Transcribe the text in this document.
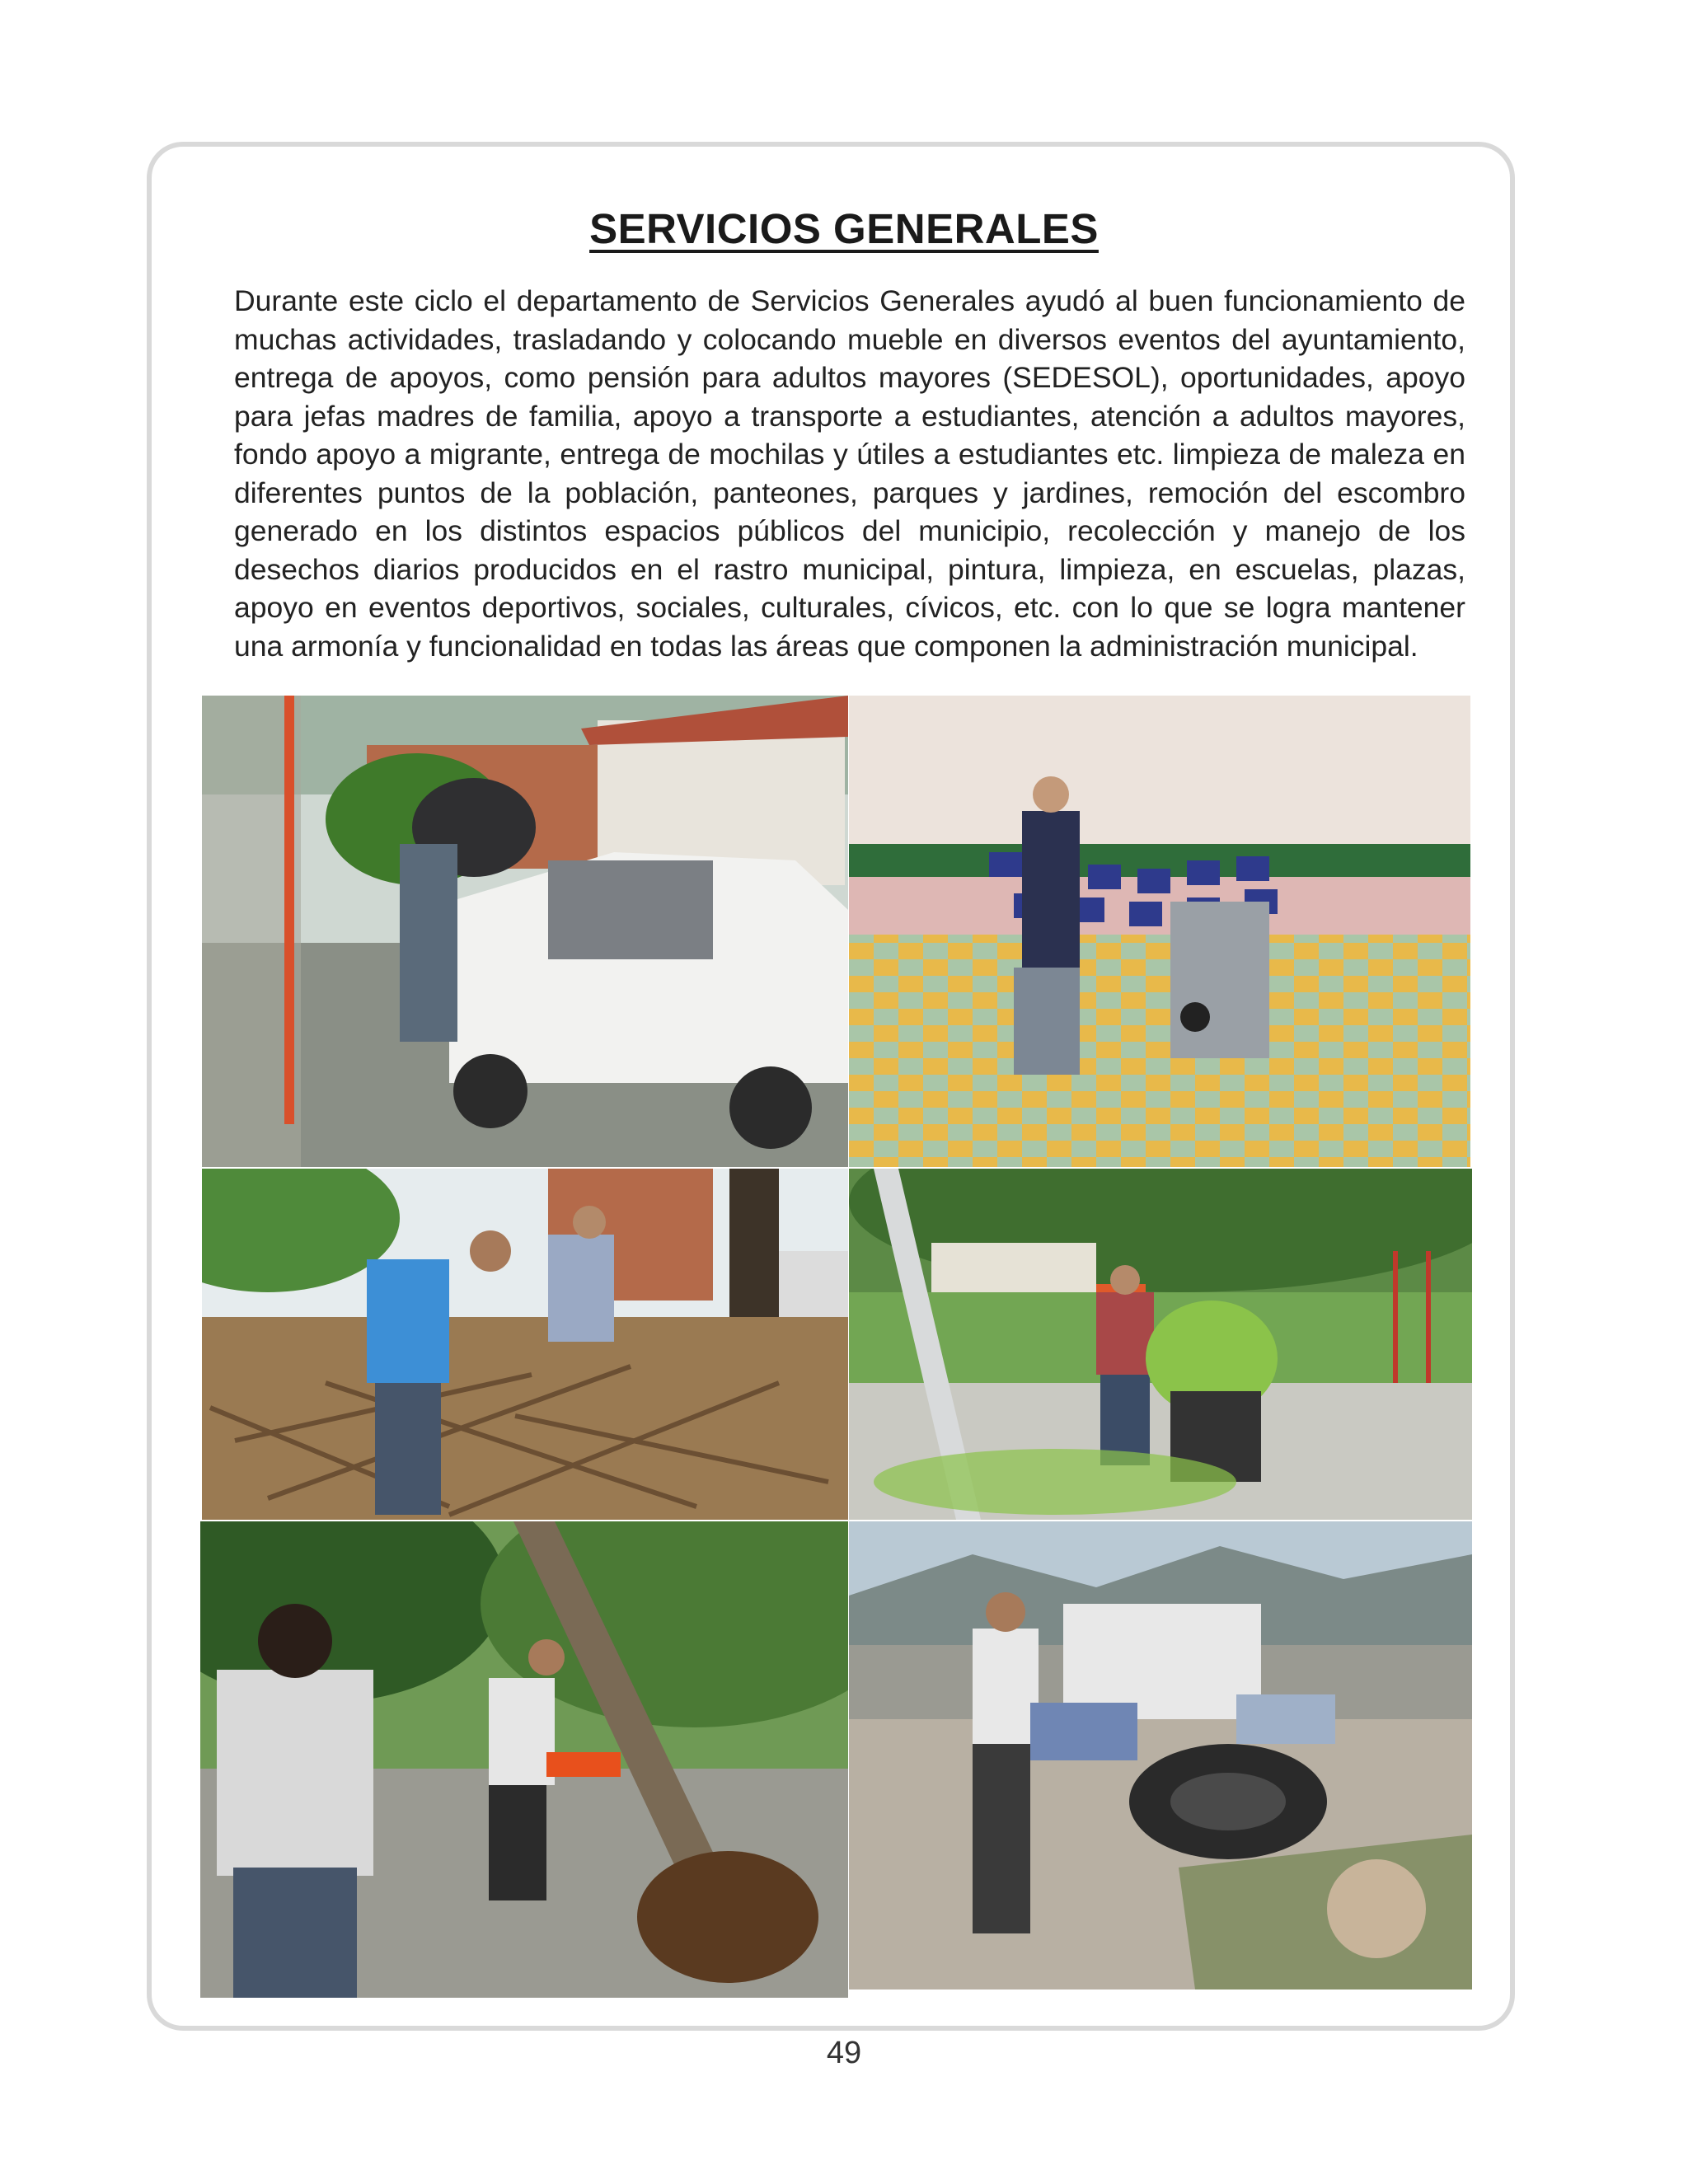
SERVICIOS GENERALES

Durante este ciclo el departamento de Servicios Generales ayudó al buen funcionamiento de muchas actividades, trasladando y colocando mueble en diversos eventos del ayuntamiento, entrega de apoyos, como pensión para adultos mayores (SEDESOL), oportunidades, apoyo para jefas madres de familia, apoyo a transporte a estudiantes, atención a adultos mayores, fondo apoyo a migrante, entrega de mochilas y útiles a estudiantes etc. limpieza de maleza en diferentes puntos de la población, panteones, parques y jardines, remoción del escombro generado en los distintos espacios públicos del municipio, recolección y manejo de los desechos diarios producidos en el rastro municipal, pintura, limpieza, en escuelas, plazas, apoyo en eventos deportivos, sociales, culturales, cívicos, etc. con lo que se logra mantener una armonía y funcionalidad en todas las áreas que componen la administración municipal.

49
